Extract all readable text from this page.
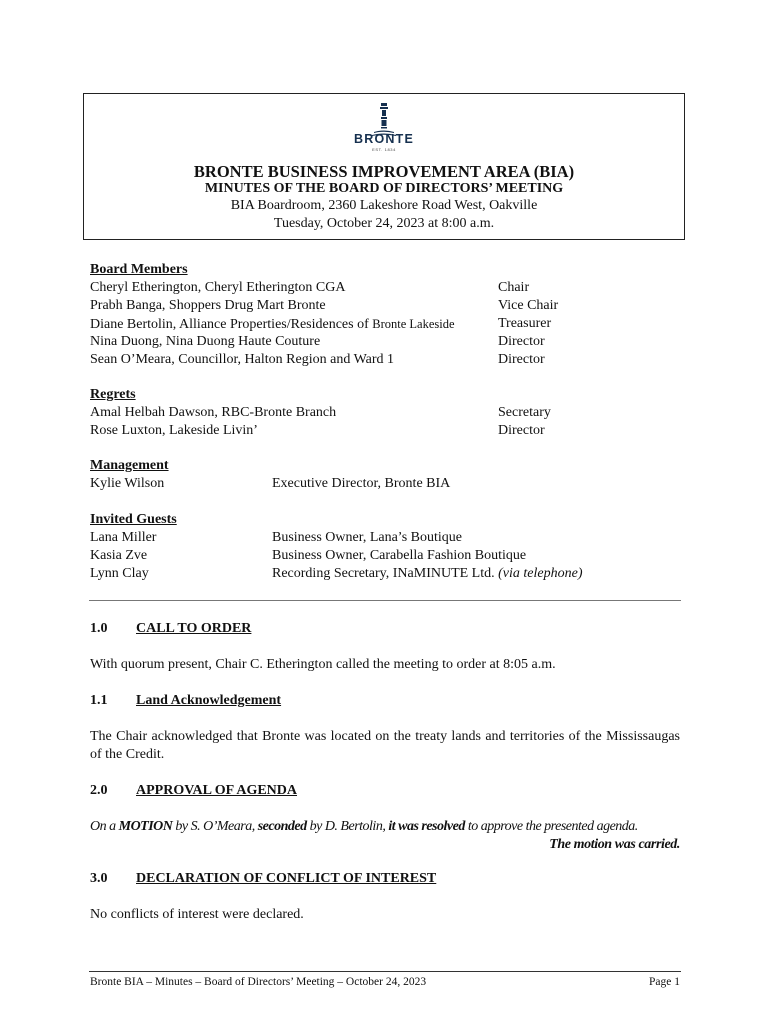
BRONTE
EST. 1834
BRONTE BUSINESS IMPROVEMENT AREA (BIA)
MINUTES OF THE BOARD OF DIRECTORS’ MEETING
BIA Boardroom, 2360 Lakeshore Road West, Oakville
Tuesday, October 24, 2023 at 8:00 a.m.
Board Members
Cheryl Etherington, Cheryl Etherington CGA	Chair
Prabh Banga, Shoppers Drug Mart Bronte	Vice Chair
Diane Bertolin, Alliance Properties/Residences of Bronte Lakeside	Treasurer
Nina Duong, Nina Duong Haute Couture	Director
Sean O’Meara, Councillor, Halton Region and Ward 1	Director
Regrets
Amal Helbah Dawson, RBC-Bronte Branch	Secretary
Rose Luxton, Lakeside Livin’	Director
Management
Kylie Wilson	Executive Director, Bronte BIA
Invited Guests
Lana Miller	Business Owner, Lana’s Boutique
Kasia Zve	Business Owner, Carabella Fashion Boutique
Lynn Clay	Recording Secretary, INaMINUTE Ltd. (via telephone)
1.0 CALL TO ORDER
With quorum present, Chair C. Etherington called the meeting to order at 8:05 a.m.
1.1 Land Acknowledgement
The Chair acknowledged that Bronte was located on the treaty lands and territories of the Mississaugas of the Credit.
2.0 APPROVAL OF AGENDA
On a MOTION by S. O’Meara, seconded by D. Bertolin, it was resolved to approve the presented agenda.
The motion was carried.
3.0 DECLARATION OF CONFLICT OF INTEREST
No conflicts of interest were declared.
Bronte BIA – Minutes – Board of Directors’ Meeting – October 24, 2023	Page 1
